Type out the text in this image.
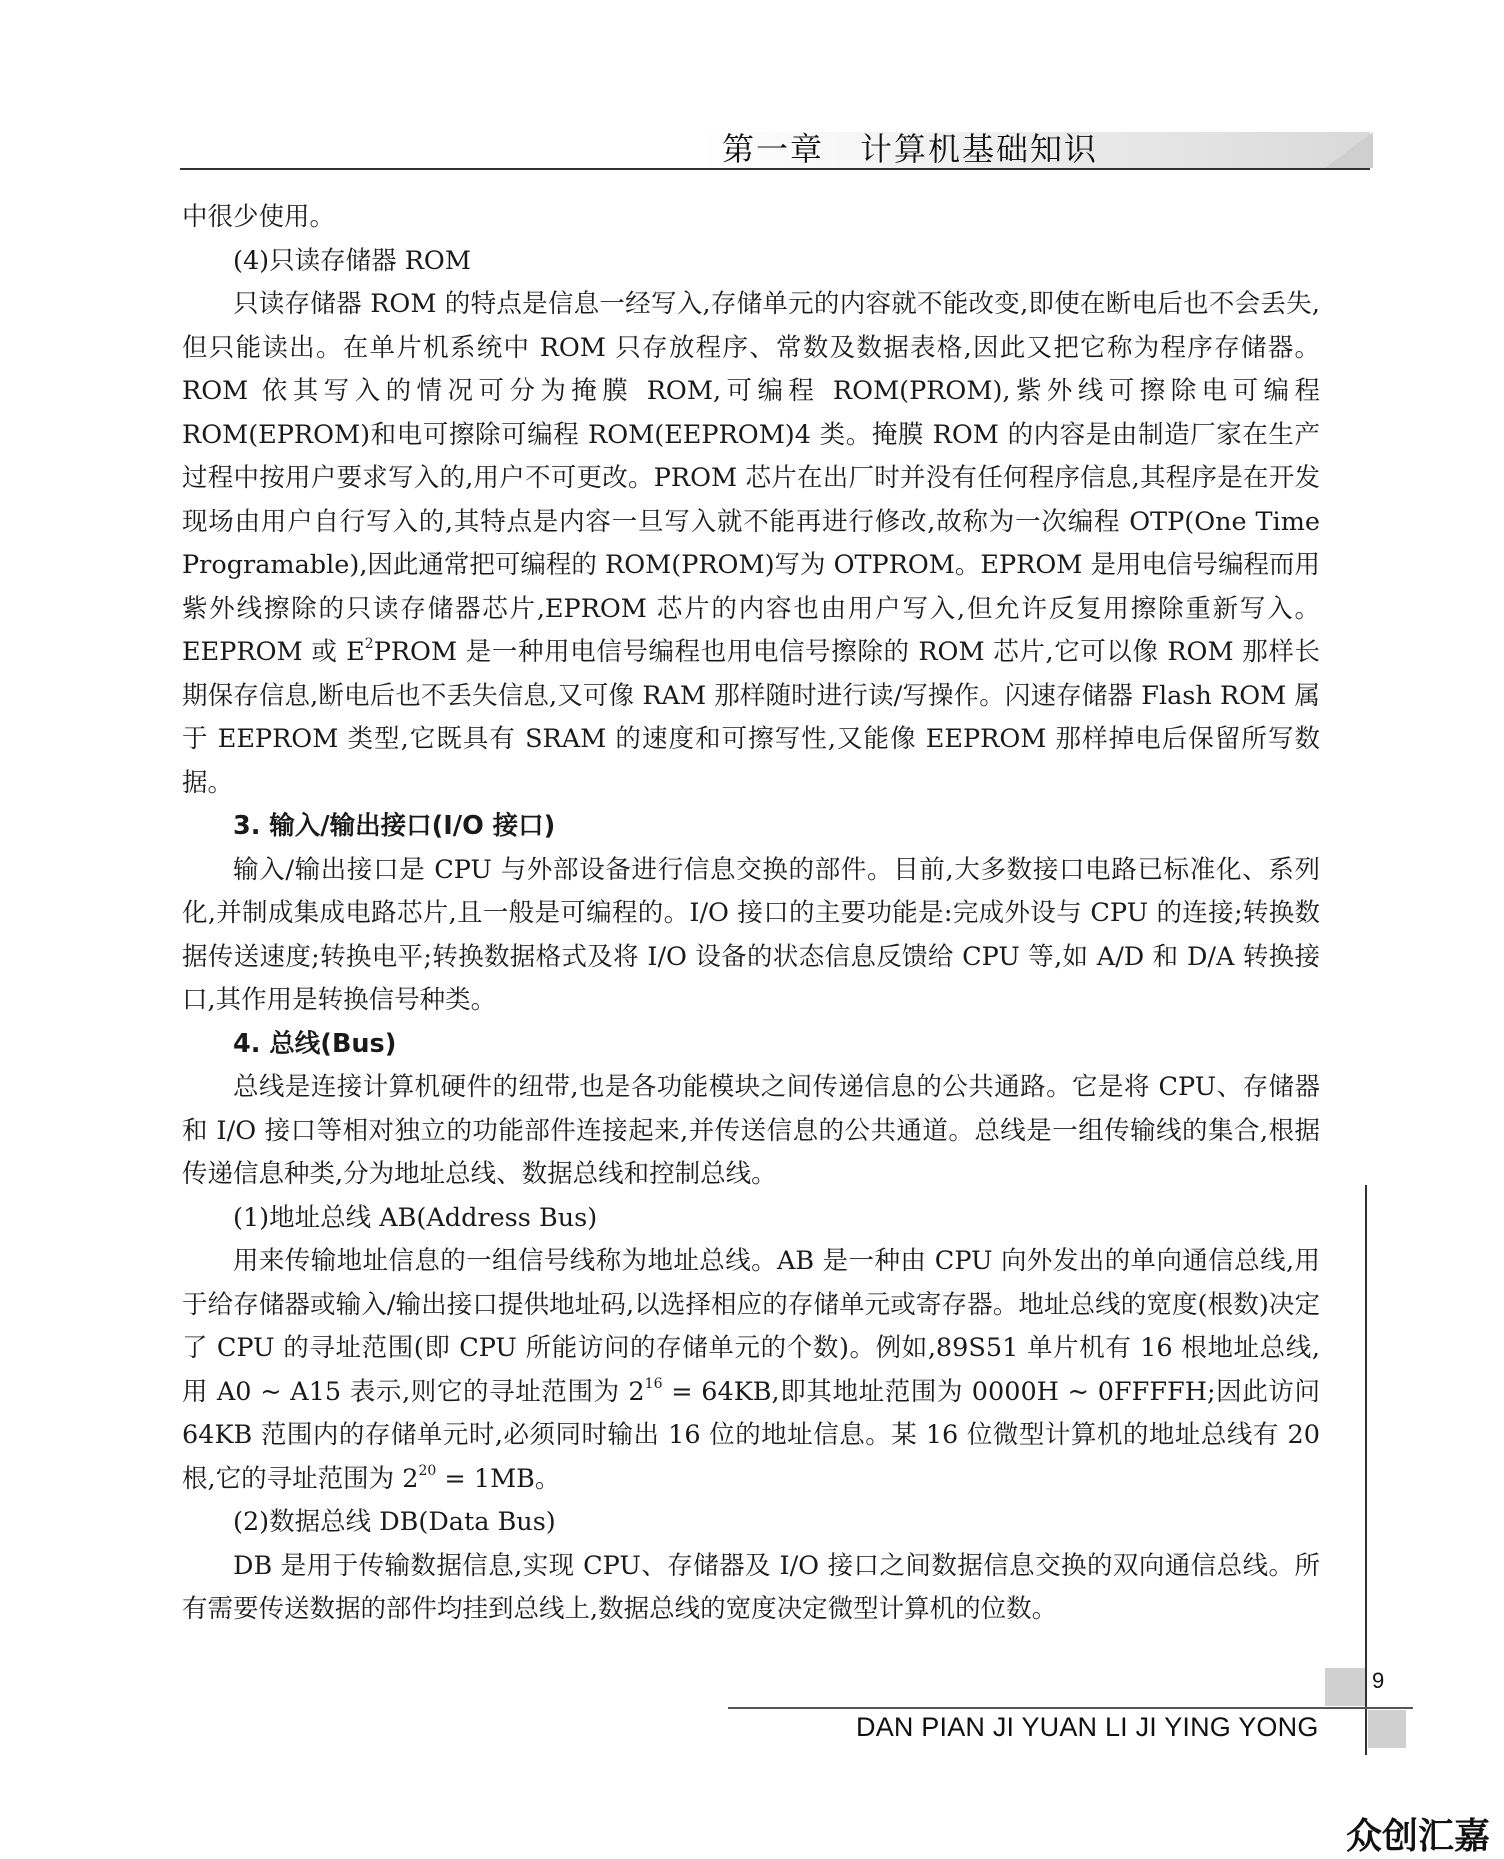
第一章 计算机基础知识

中很少使用。

(4)只读存储器 ROM

只读存储器 ROM 的特点是信息一经写入,存储单元的内容就不能改变,即使在断电后也不会丢失,但只能读出。在单片机系统中 ROM 只存放程序、常数及数据表格,因此又把它称为程序存储器。ROM 依其写入的情况可分为掩膜 ROM,可编程 ROM(PROM),紫外线可擦除电可编程 ROM(EPROM)和电可擦除可编程 ROM(EEPROM)4 类。掩膜 ROM 的内容是由制造厂家在生产过程中按用户要求写入的,用户不可更改。PROM 芯片在出厂时并没有任何程序信息,其程序是在开发现场由用户自行写入的,其特点是内容一旦写入就不能再进行修改,故称为一次编程 OTP(One Time Programable),因此通常把可编程的 ROM(PROM)写为 OTPROM。EPROM 是用电信号编程而用紫外线擦除的只读存储器芯片,EPROM 芯片的内容也由用户写入,但允许反复用擦除重新写入。EEPROM 或 $E^2PROM$ 是一种用电信号编程也用电信号擦除的 ROM 芯片,它可以像 ROM 那样长期保存信息,断电后也不丢失信息,又可像 RAM 那样随时进行读/写操作。闪速存储器 Flash ROM 属于 EEPROM 类型,它既具有 SRAM 的速度和可擦写性,又能像 EEPROM 那样掉电后保留所写数据。

3. 输入/输出接口(I/O 接口)

输入/输出接口是 CPU 与外部设备进行信息交换的部件。目前,大多数接口电路已标准化、系列化,并制成集成电路芯片,且一般是可编程的。I/O 接口的主要功能是:完成外设与 CPU 的连接;转换数据传送速度;转换电平;转换数据格式及将 I/O 设备的状态信息反馈给 CPU 等,如 A/D 和 D/A 转换接口,其作用是转换信号种类。

4. 总线(Bus)

总线是连接计算机硬件的纽带,也是各功能模块之间传递信息的公共通路。它是将 CPU、存储器和 I/O 接口等相对独立的功能部件连接起来,并传送信息的公共通道。总线是一组传输线的集合,根据传递信息种类,分为地址总线、数据总线和控制总线。

(1)地址总线 AB(Address Bus)

用来传输地址信息的一组信号线称为地址总线。AB 是一种由 CPU 向外发出的单向通信总线,用于给存储器或输入/输出接口提供地址码,以选择相应的存储单元或寄存器。地址总线的宽度(根数)决定了 CPU 的寻址范围(即 CPU 所能访问的存储单元的个数)。例如,89S51 单片机有 16 根地址总线,用 A0 ~ A15 表示,则它的寻址范围为 $2^{16} = 64KB$,即其地址范围为 0000H ~ 0FFFFH;因此访问 64KB 范围内的存储单元时,必须同时输出 16 位的地址信息。某 16 位微型计算机的地址总线有 20 根,它的寻址范围为 $2^{20} = 1MB$。

(2)数据总线 DB(Data Bus)

DB 是用于传输数据信息,实现 CPU、存储器及 I/O 接口之间数据信息交换的双向通信总线。所有需要传送数据的部件均挂到总线上,数据总线的宽度决定微型计算机的位数。

9
DAN PIAN JI YUAN LI JI YING YONG
众创汇嘉
